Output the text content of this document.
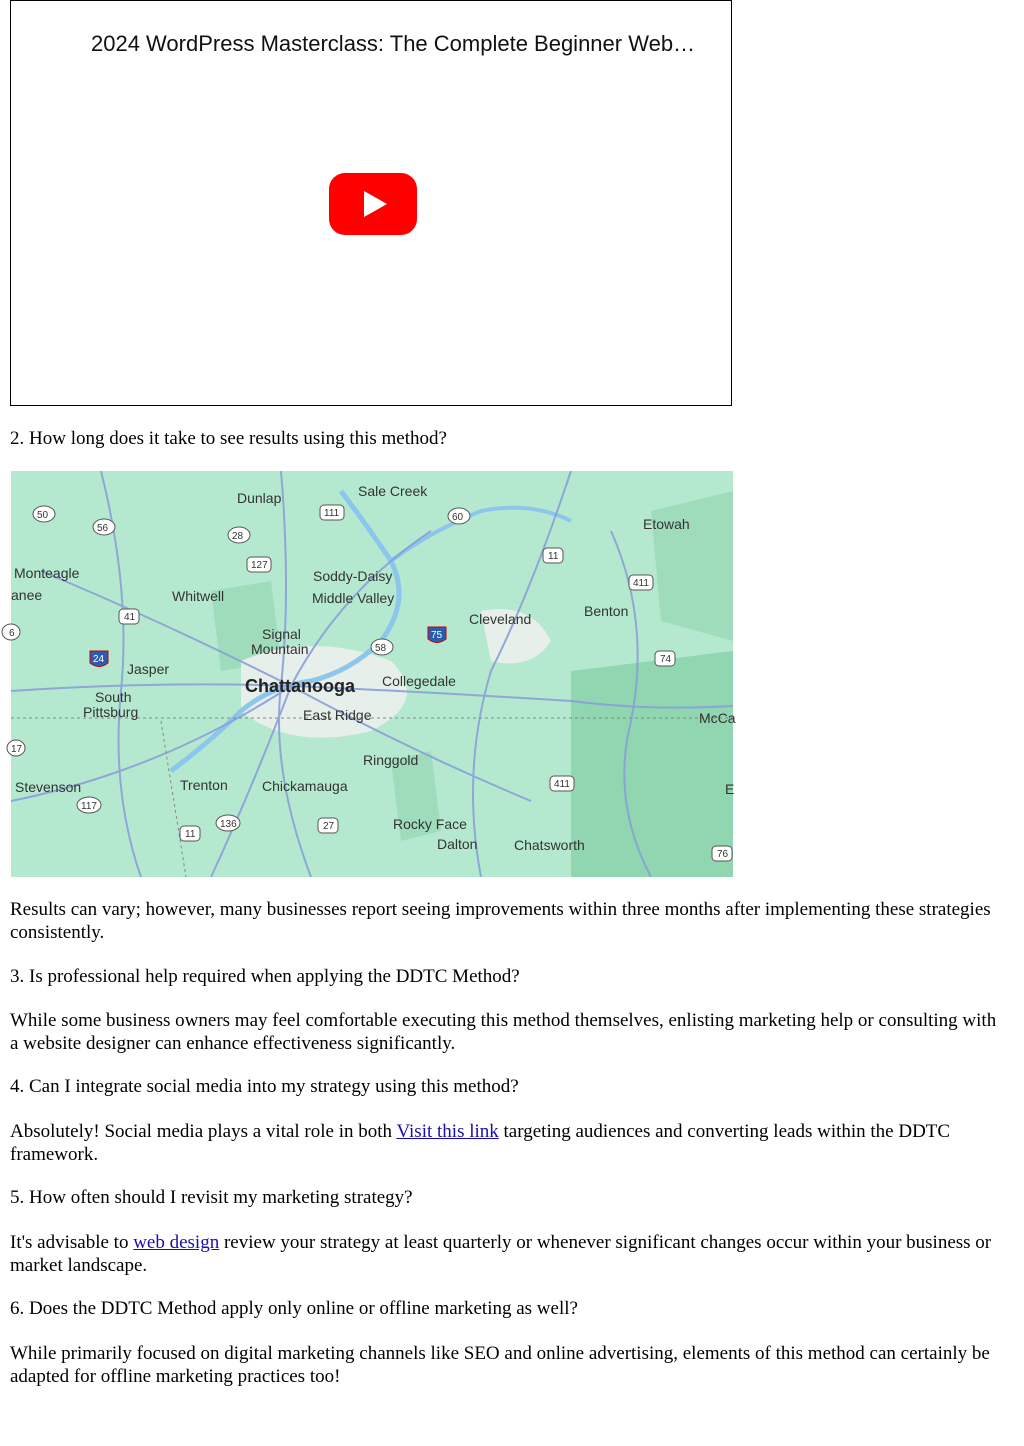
2024 WordPress Masterclass: The Complete Beginner Web…

2. How long does it take to see results using this method?

Dunlap	Sale Creek
Etowah
Monteagle
anee	Whitwell
Soddy-Daisy
Middle Valley
Benton
Cleveland
Signal
Mountain
Jasper
Chattanooga Collegedale
South
Pittsburg	East Ridge	McCa
Ringgold
Stevenson	Trenton Chickamauga	E
Rocky Face
Dalton	Chatsworth
50
56
111	60
28
127
11
411
41
6	75
58
24	74
17
411
117
136	27
11
76

Results can vary; however, many businesses report seeing improvements within three months after implementing these strategies consistently.

3. Is professional help required when applying the DDTC Method?

While some business owners may feel comfortable executing this method themselves, enlisting marketing help or consulting with a website designer can enhance effectiveness significantly.

4. Can I integrate social media into my strategy using this method?

Absolutely! Social media plays a vital role in both Visit this link targeting audiences and converting leads within the DDTC framework.

5. How often should I revisit my marketing strategy?

It's advisable to web design review your strategy at least quarterly or whenever significant changes occur within your business or market landscape.

6. Does the DDTC Method apply only online or offline marketing as well?

While primarily focused on digital marketing channels like SEO and online advertising, elements of this method can certainly be adapted for offline marketing practices too!
